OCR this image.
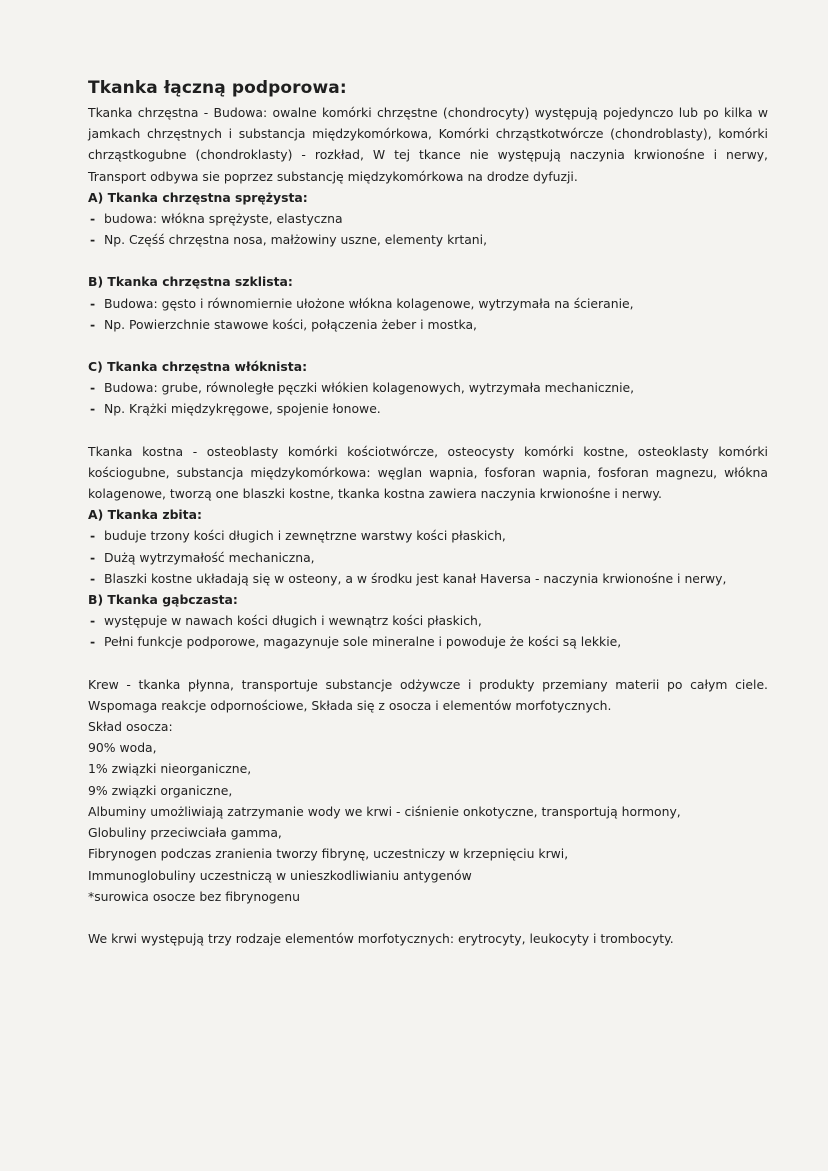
Tkanka łączną podporowa:

Tkanka chrzęstna - Budowa: owalne komórki chrzęstne (chondrocyty) występują pojedynczo lub po kilka w jamkach chrzęstnych i substancja międzykomórkowa, Komórki chrząstkotwórcze (chondroblasty), komórki chrząstkogubne (chondroklasty) - rozkład, W tej tkance nie występują naczynia krwionośne i nerwy, Transport odbywa sie poprzez substancję międzykomórkowa na drodze dyfuzji.

A) Tkanka chrzęstna sprężysta:
- budowa: włókna sprężyste, elastyczna
- Np. Częśś chrzęstna nosa, małżowiny uszne, elementy krtani,
B) Tkanka chrzęstna szklista:
- Budowa: gęsto i równomiernie ułożone włókna kolagenowe, wytrzymała na ścieranie,
- Np. Powierzchnie stawowe kości, połączenia żeber i mostka,
C) Tkanka chrzęstna włóknista:
- Budowa: grube, równoległe pęczki włókien kolagenowych, wytrzymała mechanicznie,
- Np. Krążki międzykręgowe, spojenie łonowe.

Tkanka kostna - osteoblasty komórki kościotwórcze, osteocysty komórki kostne, osteoklasty komórki kościogubne, substancja międzykomórkowa: węglan wapnia, fosforan wapnia, fosforan magnezu, włókna kolagenowe, tworzą one blaszki kostne, tkanka kostna zawiera naczynia krwionośne i nerwy.

A) Tkanka zbita:
- buduje trzony kości długich i zewnętrzne warstwy kości płaskich,
- Dużą wytrzymałość mechaniczna,
- Blaszki kostne układają się w osteony, a w środku jest kanał Haversa - naczynia krwionośne i nerwy,
B) Tkanka gąbczasta:
- występuje w nawach kości długich i wewnątrz kości płaskich,
- Pełni funkcje podporowe, magazynuje sole mineralne i powoduje że kości są lekkie,

Krew - tkanka płynna, transportuje substancje odżywcze i produkty przemiany materii po całym ciele. Wspomaga reakcje odpornościowe, Składa się z osocza i elementów morfotycznych.

Skład osocza:
90% woda,
1% związki nieorganiczne,
9% związki organiczne,
Albuminy umożliwiają zatrzymanie wody we krwi - ciśnienie onkotyczne, transportują hormony,
Globuliny przeciwciała gamma,
Fibrynogen podczas zranienia tworzy fibrynę, uczestniczy w krzepnięciu krwi,
Immunoglobuliny uczestniczą w unieszkodliwianiu antygenów
*surowica osocze bez fibrynogenu

We krwi występują trzy rodzaje elementów morfotycznych: erytrocyty, leukocyty i trombocyty.
